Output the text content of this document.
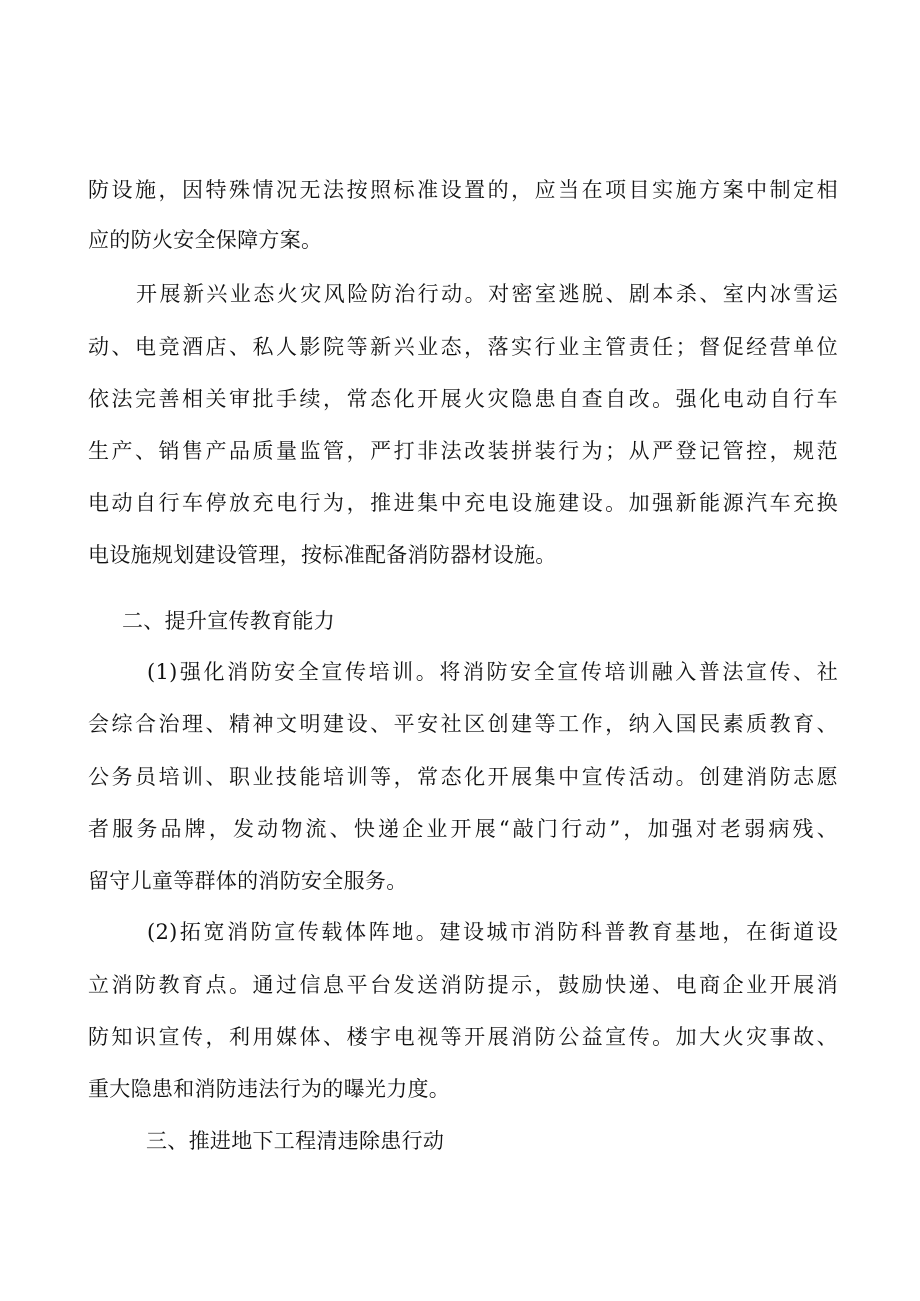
防设施，因特殊情况无法按照标准设置的，应当在项目实施方案中制定相

应的防火安全保障方案。

开展新兴业态火灾风险防治行动。对密室逃脱、剧本杀、室内冰雪运

动、电竞酒店、私人影院等新兴业态，落实行业主管责任；督促经营单位

依法完善相关审批手续，常态化开展火灾隐患自查自改。强化电动自行车

生产、销售产品质量监管，严打非法改装拼装行为；从严登记管控，规范

电动自行车停放充电行为，推进集中充电设施建设。加强新能源汽车充换

电设施规划建设管理，按标准配备消防器材设施。

二、提升宣传教育能力

(1)强化消防安全宣传培训。将消防安全宣传培训融入普法宣传、社

会综合治理、精神文明建设、平安社区创建等工作，纳入国民素质教育、

公务员培训、职业技能培训等，常态化开展集中宣传活动。创建消防志愿

者服务品牌，发动物流、快递企业开展“敲门行动”，加强对老弱病残、

留守儿童等群体的消防安全服务。

(2)拓宽消防宣传载体阵地。建设城市消防科普教育基地，在街道设

立消防教育点。通过信息平台发送消防提示，鼓励快递、电商企业开展消

防知识宣传，利用媒体、楼宇电视等开展消防公益宣传。加大火灾事故、

重大隐患和消防违法行为的曝光力度。

三、推进地下工程清违除患行动
